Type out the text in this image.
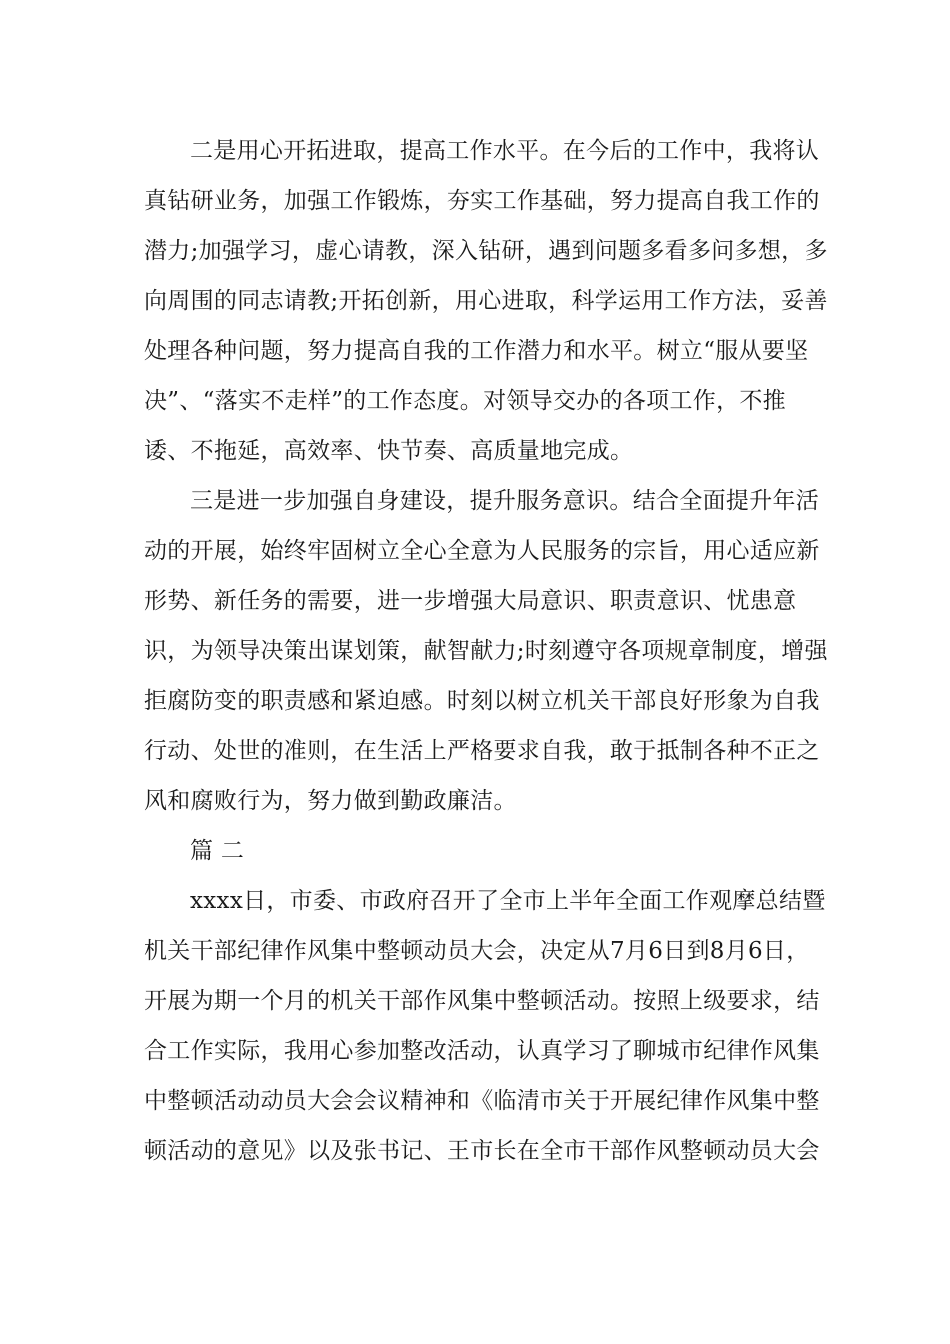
二是用心开拓进取，提高工作水平。在今后的工作中，我将认
真钻研业务，加强工作锻炼，夯实工作基础，努力提高自我工作的
潜力;加强学习，虚心请教，深入钻研，遇到问题多看多问多想，多
向周围的同志请教;开拓创新，用心进取，科学运用工作方法，妥善
处理各种问题，努力提高自我的工作潜力和水平。树立“服从要坚
决”、“落实不走样”的工作态度。对领导交办的各项工作，不推
诿、不拖延，高效率、快节奏、高质量地完成。
三是进一步加强自身建设，提升服务意识。结合全面提升年活
动的开展，始终牢固树立全心全意为人民服务的宗旨，用心适应新
形势、新任务的需要，进一步增强大局意识、职责意识、忧患意
识，为领导决策出谋划策，献智献力;时刻遵守各项规章制度，增强
拒腐防变的职责感和紧迫感。时刻以树立机关干部良好形象为自我
行动、处世的准则，在生活上严格要求自我，敢于抵制各种不正之
风和腐败行为，努力做到勤政廉洁。
篇 二
xxxx日，市委、市政府召开了全市上半年全面工作观摩总结暨
机关干部纪律作风集中整顿动员大会，决定从7月6日到8月6日，
开展为期一个月的机关干部作风集中整顿活动。按照上级要求，结
合工作实际，我用心参加整改活动，认真学习了聊城市纪律作风集
中整顿活动动员大会会议精神和《临清市关于开展纪律作风集中整
顿活动的意见》以及张书记、王市长在全市干部作风整顿动员大会
